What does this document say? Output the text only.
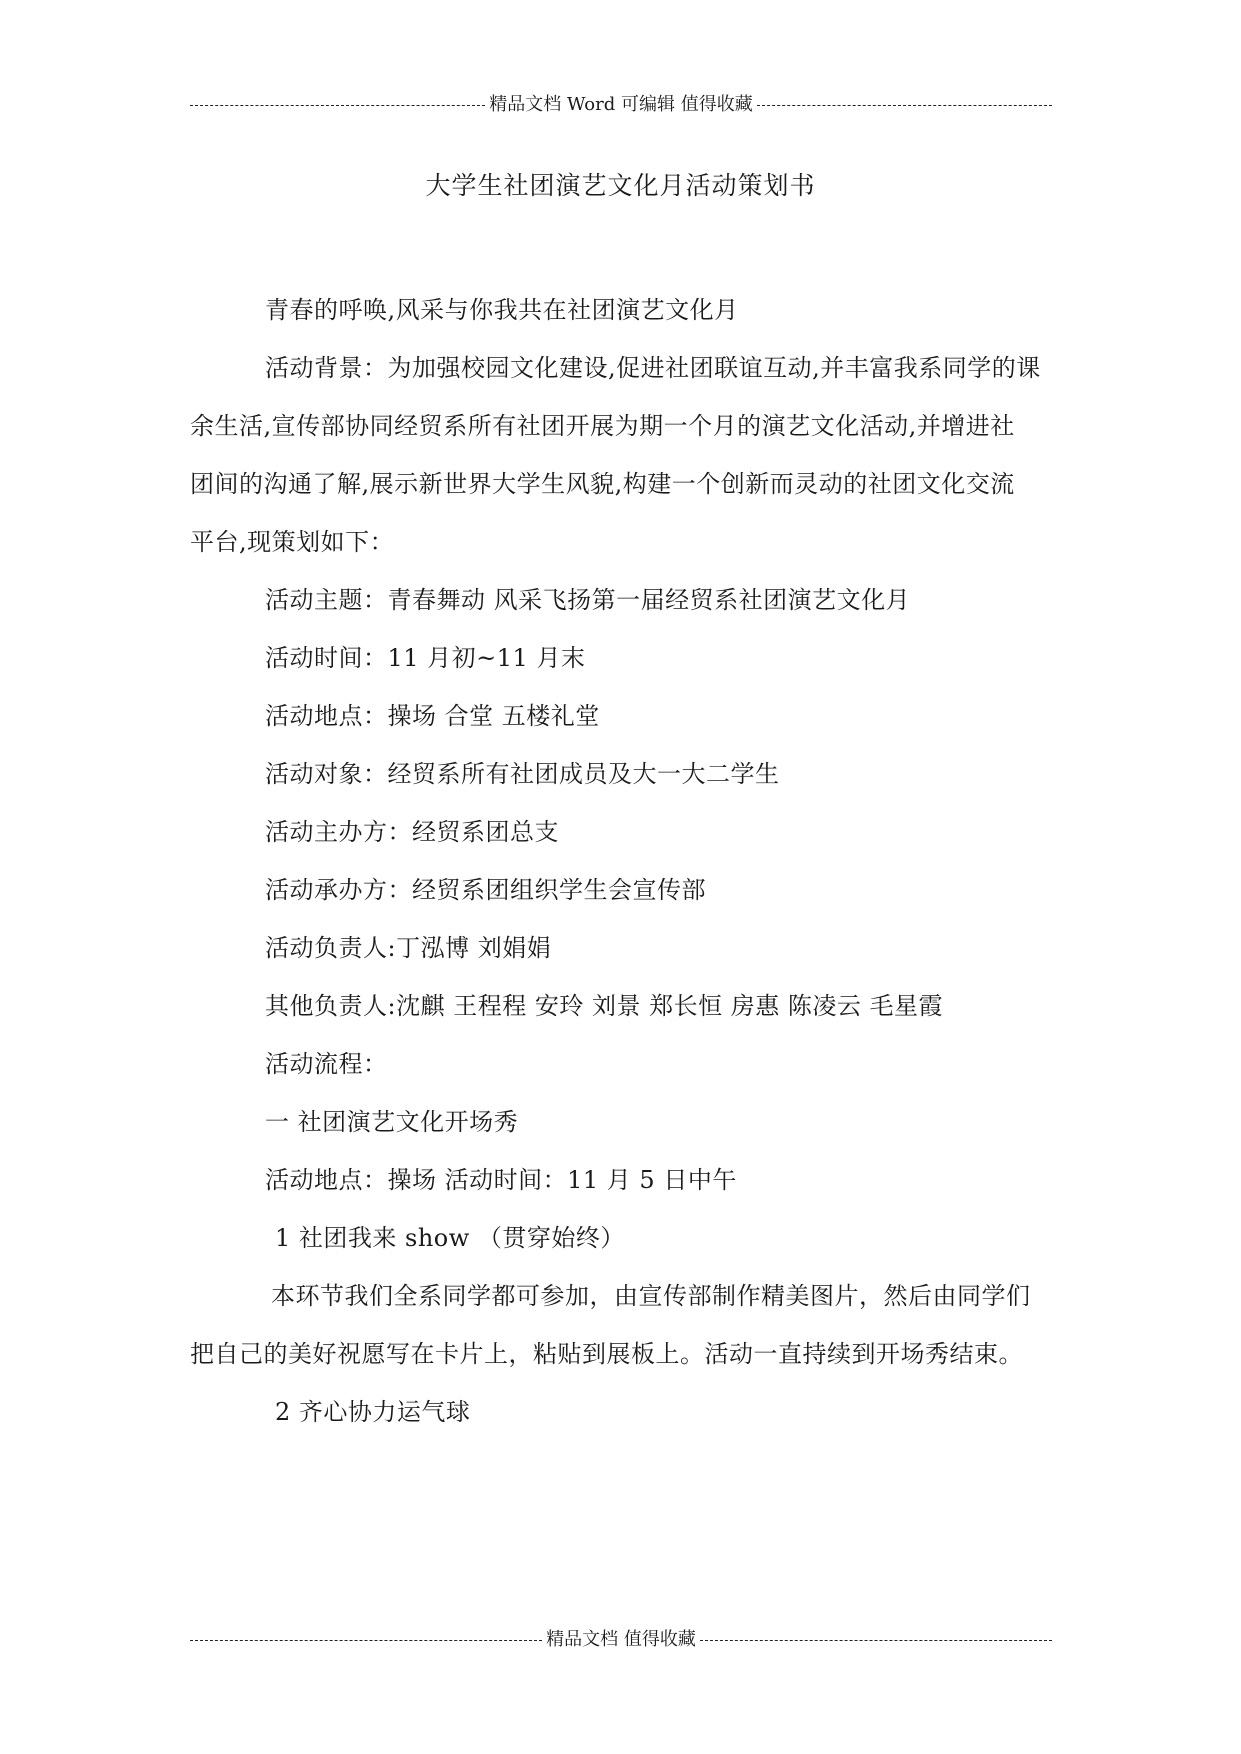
精品文档 Word 可编辑 值得收藏
大学生社团演艺文化月活动策划书
青春的呼唤,风采与你我共在社团演艺文化月
活动背景：为加强校园文化建设,促进社团联谊互动,并丰富我系同学的课
余生活,宣传部协同经贸系所有社团开展为期一个月的演艺文化活动,并增进社
团间的沟通了解,展示新世界大学生风貌,构建一个创新而灵动的社团文化交流
平台,现策划如下：
活动主题：青春舞动 风采飞扬第一届经贸系社团演艺文化月
活动时间：11 月初~11 月末
活动地点：操场 合堂 五楼礼堂
活动对象：经贸系所有社团成员及大一大二学生
活动主办方：经贸系团总支
活动承办方：经贸系团组织学生会宣传部
活动负责人:丁泓博 刘娟娟
其他负责人:沈麒 王程程 安玲 刘景 郑长恒 房惠 陈凌云 毛星霞
活动流程：
一 社团演艺文化开场秀
活动地点：操场 活动时间：11 月 5 日中午
1 社团我来 show （贯穿始终）
本环节我们全系同学都可参加，由宣传部制作精美图片，然后由同学们
把自己的美好祝愿写在卡片上，粘贴到展板上。活动一直持续到开场秀结束。
2 齐心协力运气球
精品文档 值得收藏
